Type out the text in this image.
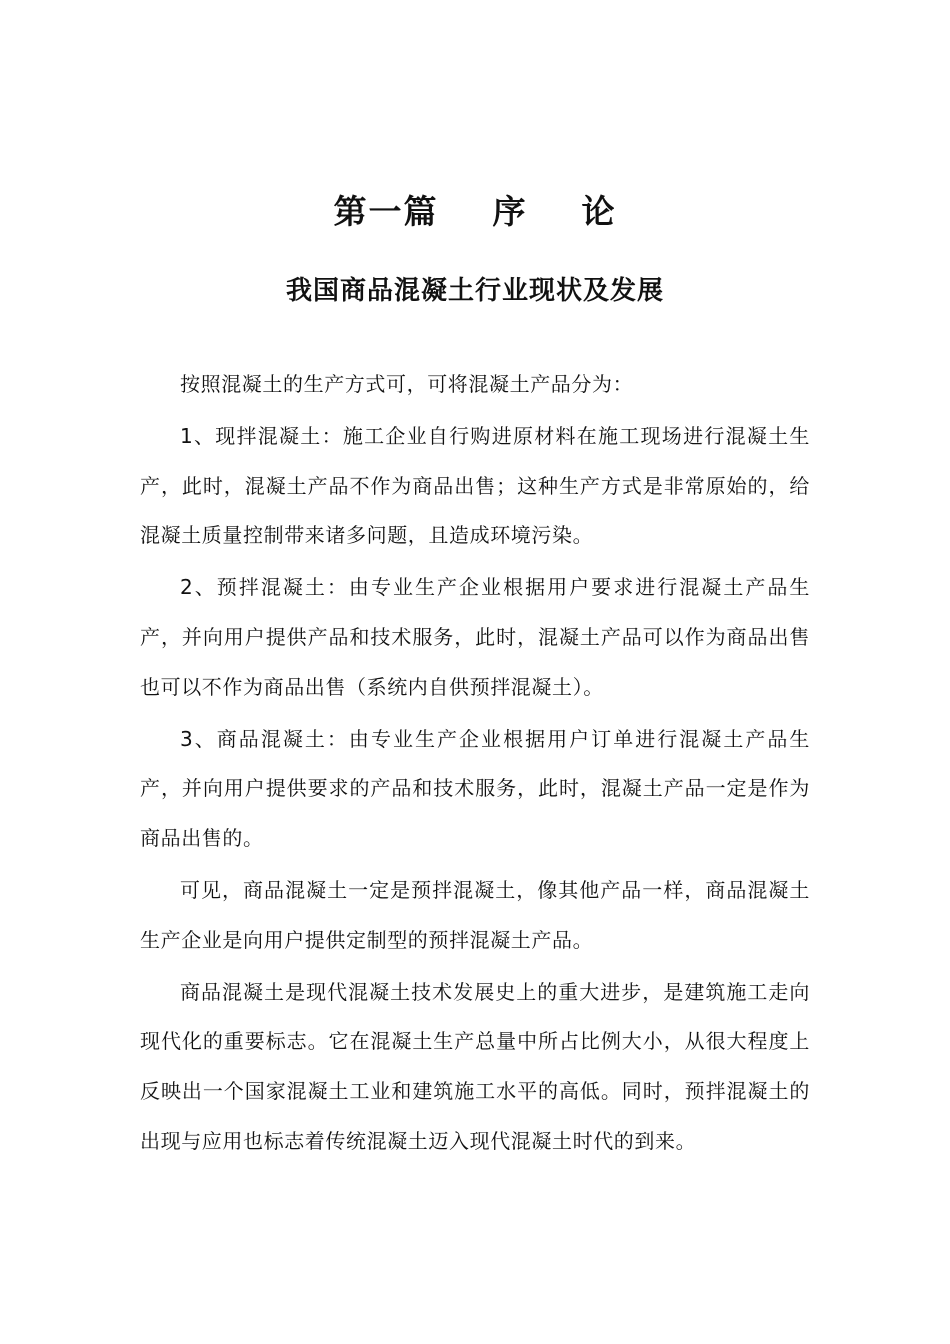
第一篇    序    论
我国商品混凝土行业现状及发展

按照混凝土的生产方式可，可将混凝土产品分为：

1、现拌混凝土：施工企业自行购进原材料在施工现场进行混凝土生产，此时，混凝土产品不作为商品出售；这种生产方式是非常原始的，给混凝土质量控制带来诸多问题，且造成环境污染。

2、预拌混凝土：由专业生产企业根据用户要求进行混凝土产品生产，并向用户提供产品和技术服务，此时，混凝土产品可以作为商品出售也可以不作为商品出售（系统内自供预拌混凝土）。

3、商品混凝土：由专业生产企业根据用户订单进行混凝土产品生产，并向用户提供要求的产品和技术服务，此时，混凝土产品一定是作为商品出售的。

可见，商品混凝土一定是预拌混凝土，像其他产品一样，商品混凝土生产企业是向用户提供定制型的预拌混凝土产品。

商品混凝土是现代混凝土技术发展史上的重大进步，是建筑施工走向现代化的重要标志。它在混凝土生产总量中所占比例大小，从很大程度上反映出一个国家混凝土工业和建筑施工水平的高低。同时，预拌混凝土的出现与应用也标志着传统混凝土迈入现代混凝土时代的到来。
